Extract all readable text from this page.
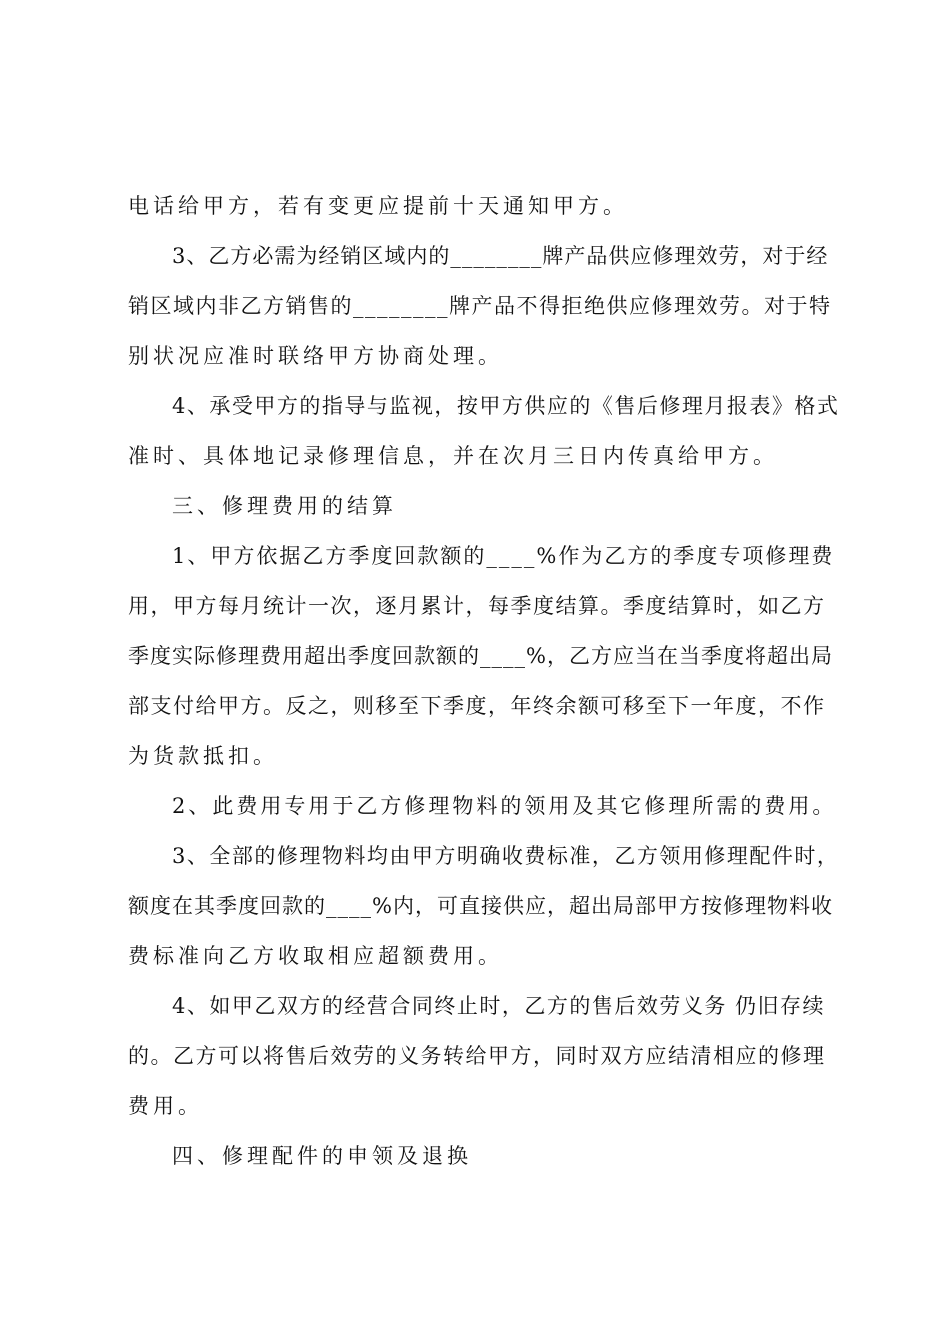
电话给甲方，若有变更应提前十天通知甲方。

3、乙方必需为经销区域内的________牌产品供应修理效劳，对于经

销区域内非乙方销售的________牌产品不得拒绝供应修理效劳。对于特

别状况应准时联络甲方协商处理。

4、承受甲方的指导与监视，按甲方供应的《售后修理月报表》格式

准时、具体地记录修理信息，并在次月三日内传真给甲方。

三、修理费用的结算

1、甲方依据乙方季度回款额的____%作为乙方的季度专项修理费

用，甲方每月统计一次，逐月累计，每季度结算。季度结算时，如乙方

季度实际修理费用超出季度回款额的____%，乙方应当在当季度将超出局

部支付给甲方。反之，则移至下季度，年终余额可移至下一年度，不作

为货款抵扣。

2、此费用专用于乙方修理物料的领用及其它修理所需的费用。

3、全部的修理物料均由甲方明确收费标准，乙方领用修理配件时，

额度在其季度回款的____%内，可直接供应，超出局部甲方按修理物料收

费标准向乙方收取相应超额费用。

4、如甲乙双方的经营合同终止时，乙方的售后效劳义务 仍旧存续

的。乙方可以将售后效劳的义务转给甲方，同时双方应结清相应的修理

费用。

四、修理配件的申领及退换
